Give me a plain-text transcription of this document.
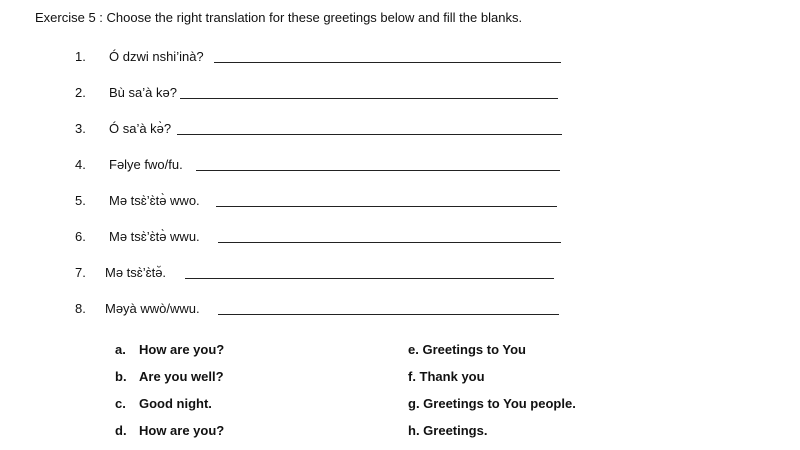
Exercise 5 : Choose the right translation for these greetings below and fill the blanks.
1. Ó dzwi nshi’inà?
2. Bù sa’à kə?
3. Ó sa’à kə̀?
4. Fəlye fwo/fu.
5. Mə tsɛ̀’ɛ̀tə̀ wwo.
6. Mə tsɛ̀’ɛ̀tə̀ wwu.
7. Mə tsɛ̀’ɛ̀tə̆.
8. Məyà wwò/wwu.
a. How are you?
b. Are you well?
c. Good night.
d. How are you?
e. Greetings to You
f. Thank you
g. Greetings to You people.
h. Greetings.
